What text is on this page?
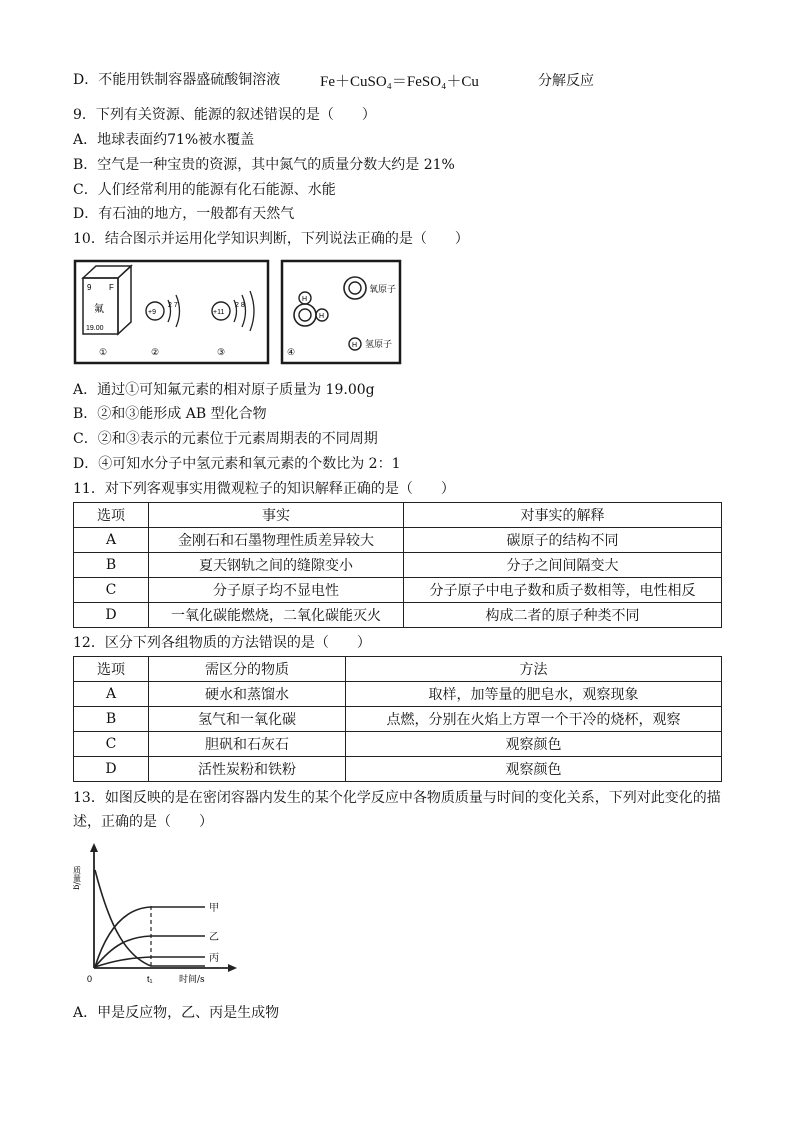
D．不能用铁制容器盛硫酸铜溶液	Fe＋CuSO₄＝FeSO₄＋Cu	分解反应
9．下列有关资源、能源的叙述错误的是（　　）
A．地球表面约71%被水覆盖
B．空气是一种宝贵的资源，其中氮气的质量分数大约是 21%
C．人们经常利用的能源有化石能源、水能
D．有石油的地方，一般都有天然气
10．结合图示并运用化学知识判断，下列说法正确的是（　　）
9 F
氟
19.00
+9
2 7
+11
2 8
①	②	③
H
H
氧原子
H 氢原子
④
A．通过①可知氟元素的相对原子质量为 19.00g
B．②和③能形成 AB 型化合物
C．②和③表示的元素位于元素周期表的不同周期
D．④可知水分子中氢元素和氧元素的个数比为 2：1
11．对下列客观事实用微观粒子的知识解释正确的是（　　）
选项	事实	对事实的解释
A	金刚石和石墨物理性质差异较大	碳原子的结构不同
B	夏天钢轨之间的缝隙变小	分子之间间隔变大
C	分子原子均不显电性	分子原子中电子数和质子数相等，电性相反
D	一氧化碳能燃烧，二氧化碳能灭火	构成二者的原子种类不同
12．区分下列各组物质的方法错误的是（　　）
选项	需区分的物质	方法
A	硬水和蒸馏水	取样，加等量的肥皂水，观察现象
B	氢气和一氧化碳	点燃，分别在火焰上方罩一个干冷的烧杯，观察
C	胆矾和石灰石	观察颜色
D	活性炭粉和铁粉	观察颜色
13．如图反映的是在密闭容器内发生的某个化学反应中各物质质量与时间的变化关系，下列对此变化的描
述，正确的是（　　）
质量/g
0	t₁	时间/s
甲
乙
丙
A．甲是反应物，乙、丙是生成物
